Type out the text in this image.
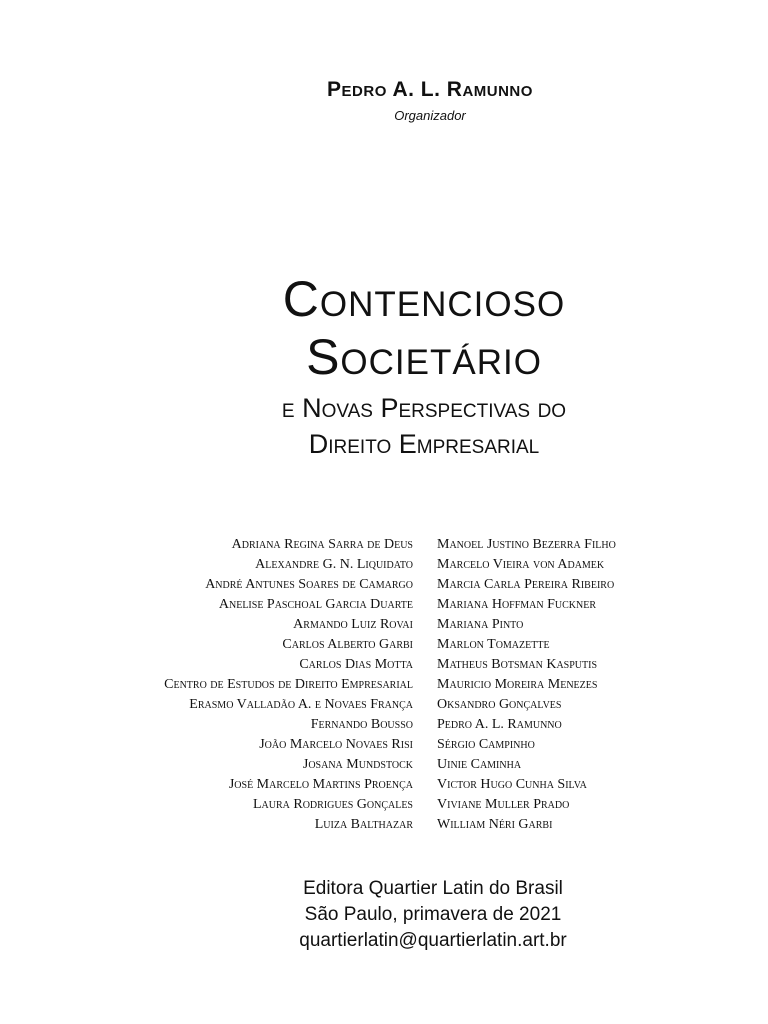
Pedro A. L. Ramunno
Organizador
Contencioso
Societário
e Novas Perspectivas do
Direito Empresarial
Adriana Regina Sarra de Deus
Alexandre G. N. Liquidato
André Antunes Soares de Camargo
Anelise Paschoal Garcia Duarte
Armando Luiz Rovai
Carlos Alberto Garbi
Carlos Dias Motta
Centro de Estudos de Direito Empresarial
Erasmo Valladão A. e Novaes França
Fernando Bousso
João Marcelo Novaes Risi
Josana Mundstock
José Marcelo Martins Proença
Laura Rodrigues Gonçales
Luiza Balthazar
Manoel Justino Bezerra Filho
Marcelo Vieira von Adamek
Marcia Carla Pereira Ribeiro
Mariana Hoffman Fuckner
Mariana Pinto
Marlon Tomazette
Matheus Botsman Kasputis
Mauricio Moreira Menezes
Oksandro Gonçalves
Pedro A. L. Ramunno
Sérgio Campinho
Uinie Caminha
Victor Hugo Cunha Silva
Viviane Muller Prado
William Néri Garbi
Editora Quartier Latin do Brasil
São Paulo, primavera de 2021
quartierlatin@quartierlatin.art.br
